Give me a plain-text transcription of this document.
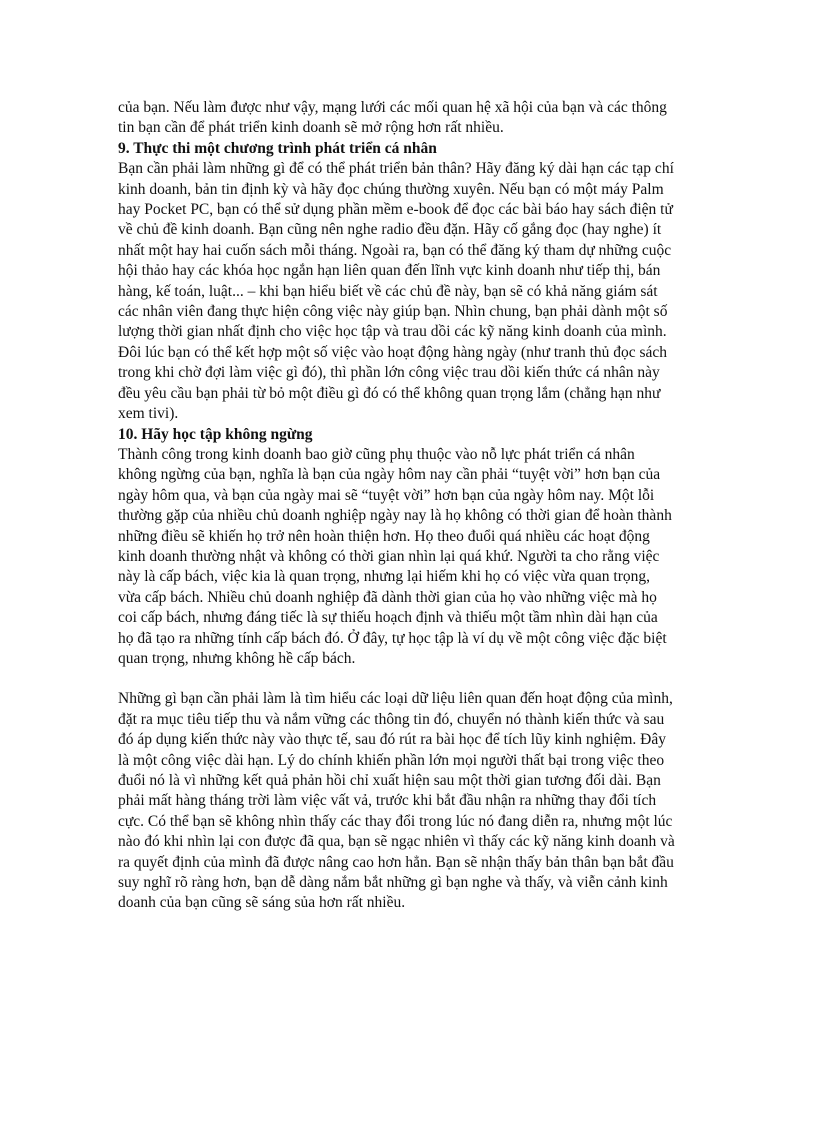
của bạn. Nếu làm được như vậy, mạng lưới các mối quan hệ xã hội của bạn và các thông
tin bạn cần để phát triển kinh doanh sẽ mở rộng hơn rất nhiều.

9. Thực thi một chương trình phát triển cá nhân

Bạn cần phải làm những gì để có thể phát triển bản thân? Hãy đăng ký dài hạn các tạp chí
kinh doanh, bản tin định kỳ và hãy đọc chúng thường xuyên. Nếu bạn có một máy Palm
hay Pocket PC, bạn có thể sử dụng phần mềm e-book để đọc các bài báo hay sách điện tử
về chủ đề kinh doanh. Bạn cũng nên nghe radio đều đặn. Hãy cố gắng đọc (hay nghe) ít
nhất một hay hai cuốn sách mỗi tháng. Ngoài ra, bạn có thể đăng ký tham dự những cuộc
hội thảo hay các khóa học ngắn hạn liên quan đến lĩnh vực kinh doanh như tiếp thị, bán
hàng, kế toán, luật... – khi bạn hiểu biết về các chủ đề này, bạn sẽ có khả năng giám sát
các nhân viên đang thực hiện công việc này giúp bạn. Nhìn chung, bạn phải dành một số
lượng thời gian nhất định cho việc học tập và trau dồi các kỹ năng kinh doanh của mình.
Đôi lúc bạn có thể kết hợp một số việc vào hoạt động hàng ngày (như tranh thủ đọc sách
trong khi chờ đợi làm việc gì đó), thì phần lớn công việc trau dồi kiến thức cá nhân này
đều yêu cầu bạn phải từ bỏ một điều gì đó có thể không quan trọng lắm (chẳng hạn như
xem tivi).

10. Hãy học tập không ngừng

Thành công trong kinh doanh bao giờ cũng phụ thuộc vào nỗ lực phát triển cá nhân
không ngừng của bạn, nghĩa là bạn của ngày hôm nay cần phải “tuyệt vời” hơn bạn của
ngày hôm qua, và bạn của ngày mai sẽ “tuyệt vời” hơn bạn của ngày hôm nay. Một lỗi
thường gặp của nhiều chủ doanh nghiệp ngày nay là họ không có thời gian để hoàn thành
những điều sẽ khiến họ trở nên hoàn thiện hơn. Họ theo đuổi quá nhiều các hoạt động
kinh doanh thường nhật và không có thời gian nhìn lại quá khứ. Người ta cho rằng việc
này là cấp bách, việc kia là quan trọng, nhưng lại hiếm khi họ có việc vừa quan trọng,
vừa cấp bách. Nhiều chủ doanh nghiệp đã dành thời gian của họ vào những việc mà họ
coi cấp bách, nhưng đáng tiếc là sự thiếu hoạch định và thiếu một tầm nhìn dài hạn của
họ đã tạo ra những tính cấp bách đó. Ở đây, tự học tập là ví dụ về một công việc đặc biệt
quan trọng, nhưng không hề cấp bách.

Những gì bạn cần phải làm là tìm hiểu các loại dữ liệu liên quan đến hoạt động của mình,
đặt ra mục tiêu tiếp thu và nắm vững các thông tin đó, chuyển nó thành kiến thức và sau
đó áp dụng kiến thức này vào thực tế, sau đó rút ra bài học để tích lũy kinh nghiệm. Đây
là một công việc dài hạn. Lý do chính khiến phần lớn mọi người thất bại trong việc theo
đuổi nó là vì những kết quả phản hồi chỉ xuất hiện sau một thời gian tương đối dài. Bạn
phải mất hàng tháng trời làm việc vất vả, trước khi bắt đầu nhận ra những thay đổi tích
cực. Có thể bạn sẽ không nhìn thấy các thay đổi trong lúc nó đang diễn ra, nhưng một lúc
nào đó khi nhìn lại con được đã qua, bạn sẽ ngạc nhiên vì thấy các kỹ năng kinh doanh và
ra quyết định của mình đã được nâng cao hơn hẳn. Bạn sẽ nhận thấy bản thân bạn bắt đầu
suy nghĩ rõ ràng hơn, bạn dễ dàng nắm bắt những gì bạn nghe và thấy, và viễn cảnh kinh
doanh của bạn cũng sẽ sáng sủa hơn rất nhiều.
